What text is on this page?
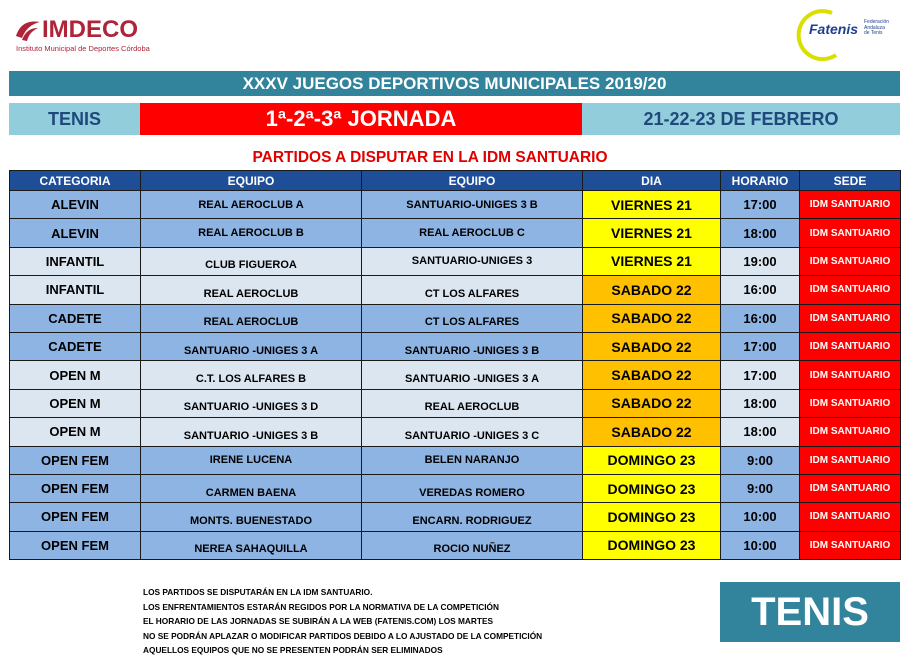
IMDECO
Instituto Municipal de Deportes Córdoba
Fatenis Federación Andaluza de Tenis
XXXV JUEGOS DEPORTIVOS MUNICIPALES 2019/20
TENIS	1ª-2ª-3ª JORNADA	21-22-23 DE FEBRERO
PARTIDOS A DISPUTAR EN LA IDM SANTUARIO
CATEGORIA	EQUIPO	EQUIPO	DIA	HORARIO	SEDE
ALEVIN	REAL AEROCLUB A	SANTUARIO-UNIGES 3 B	VIERNES 21	17:00	IDM SANTUARIO
ALEVIN	REAL AEROCLUB B	REAL AEROCLUB C	VIERNES 21	18:00	IDM SANTUARIO
INFANTIL	CLUB FIGUEROA	SANTUARIO-UNIGES 3	VIERNES 21	19:00	IDM SANTUARIO
INFANTIL	REAL AEROCLUB	CT LOS ALFARES	SABADO 22	16:00	IDM SANTUARIO
CADETE	REAL AEROCLUB	CT LOS ALFARES	SABADO 22	16:00	IDM SANTUARIO
CADETE	SANTUARIO -UNIGES 3 A	SANTUARIO -UNIGES 3 B	SABADO 22	17:00	IDM SANTUARIO
OPEN M	C.T. LOS ALFARES B	SANTUARIO -UNIGES 3 A	SABADO 22	17:00	IDM SANTUARIO
OPEN M	SANTUARIO -UNIGES 3 D	REAL AEROCLUB	SABADO 22	18:00	IDM SANTUARIO
OPEN M	SANTUARIO -UNIGES 3 B	SANTUARIO -UNIGES 3 C	SABADO 22	18:00	IDM SANTUARIO
OPEN FEM	IRENE LUCENA	BELEN NARANJO	DOMINGO 23	9:00	IDM SANTUARIO
OPEN FEM	CARMEN BAENA	VEREDAS ROMERO	DOMINGO 23	9:00	IDM SANTUARIO
OPEN FEM	MONTS. BUENESTADO	ENCARN. RODRIGUEZ	DOMINGO 23	10:00	IDM SANTUARIO
OPEN FEM	NEREA SAHAQUILLA	ROCIO NUÑEZ	DOMINGO 23	10:00	IDM SANTUARIO
LOS PARTIDOS SE DISPUTARÁN EN LA IDM SANTUARIO.
LOS ENFRENTAMIENTOS ESTARÁN REGIDOS POR LA NORMATIVA DE LA COMPETICIÓN
EL HORARIO DE LAS JORNADAS SE SUBIRÁN A LA WEB (FATENIS.COM) LOS MARTES
NO SE PODRÁN APLAZAR O MODIFICAR PARTIDOS DEBIDO A LO AJUSTADO DE LA COMPETICIÓN
AQUELLOS EQUIPOS QUE NO SE PRESENTEN PODRÁN SER ELIMINADOS
TENIS
